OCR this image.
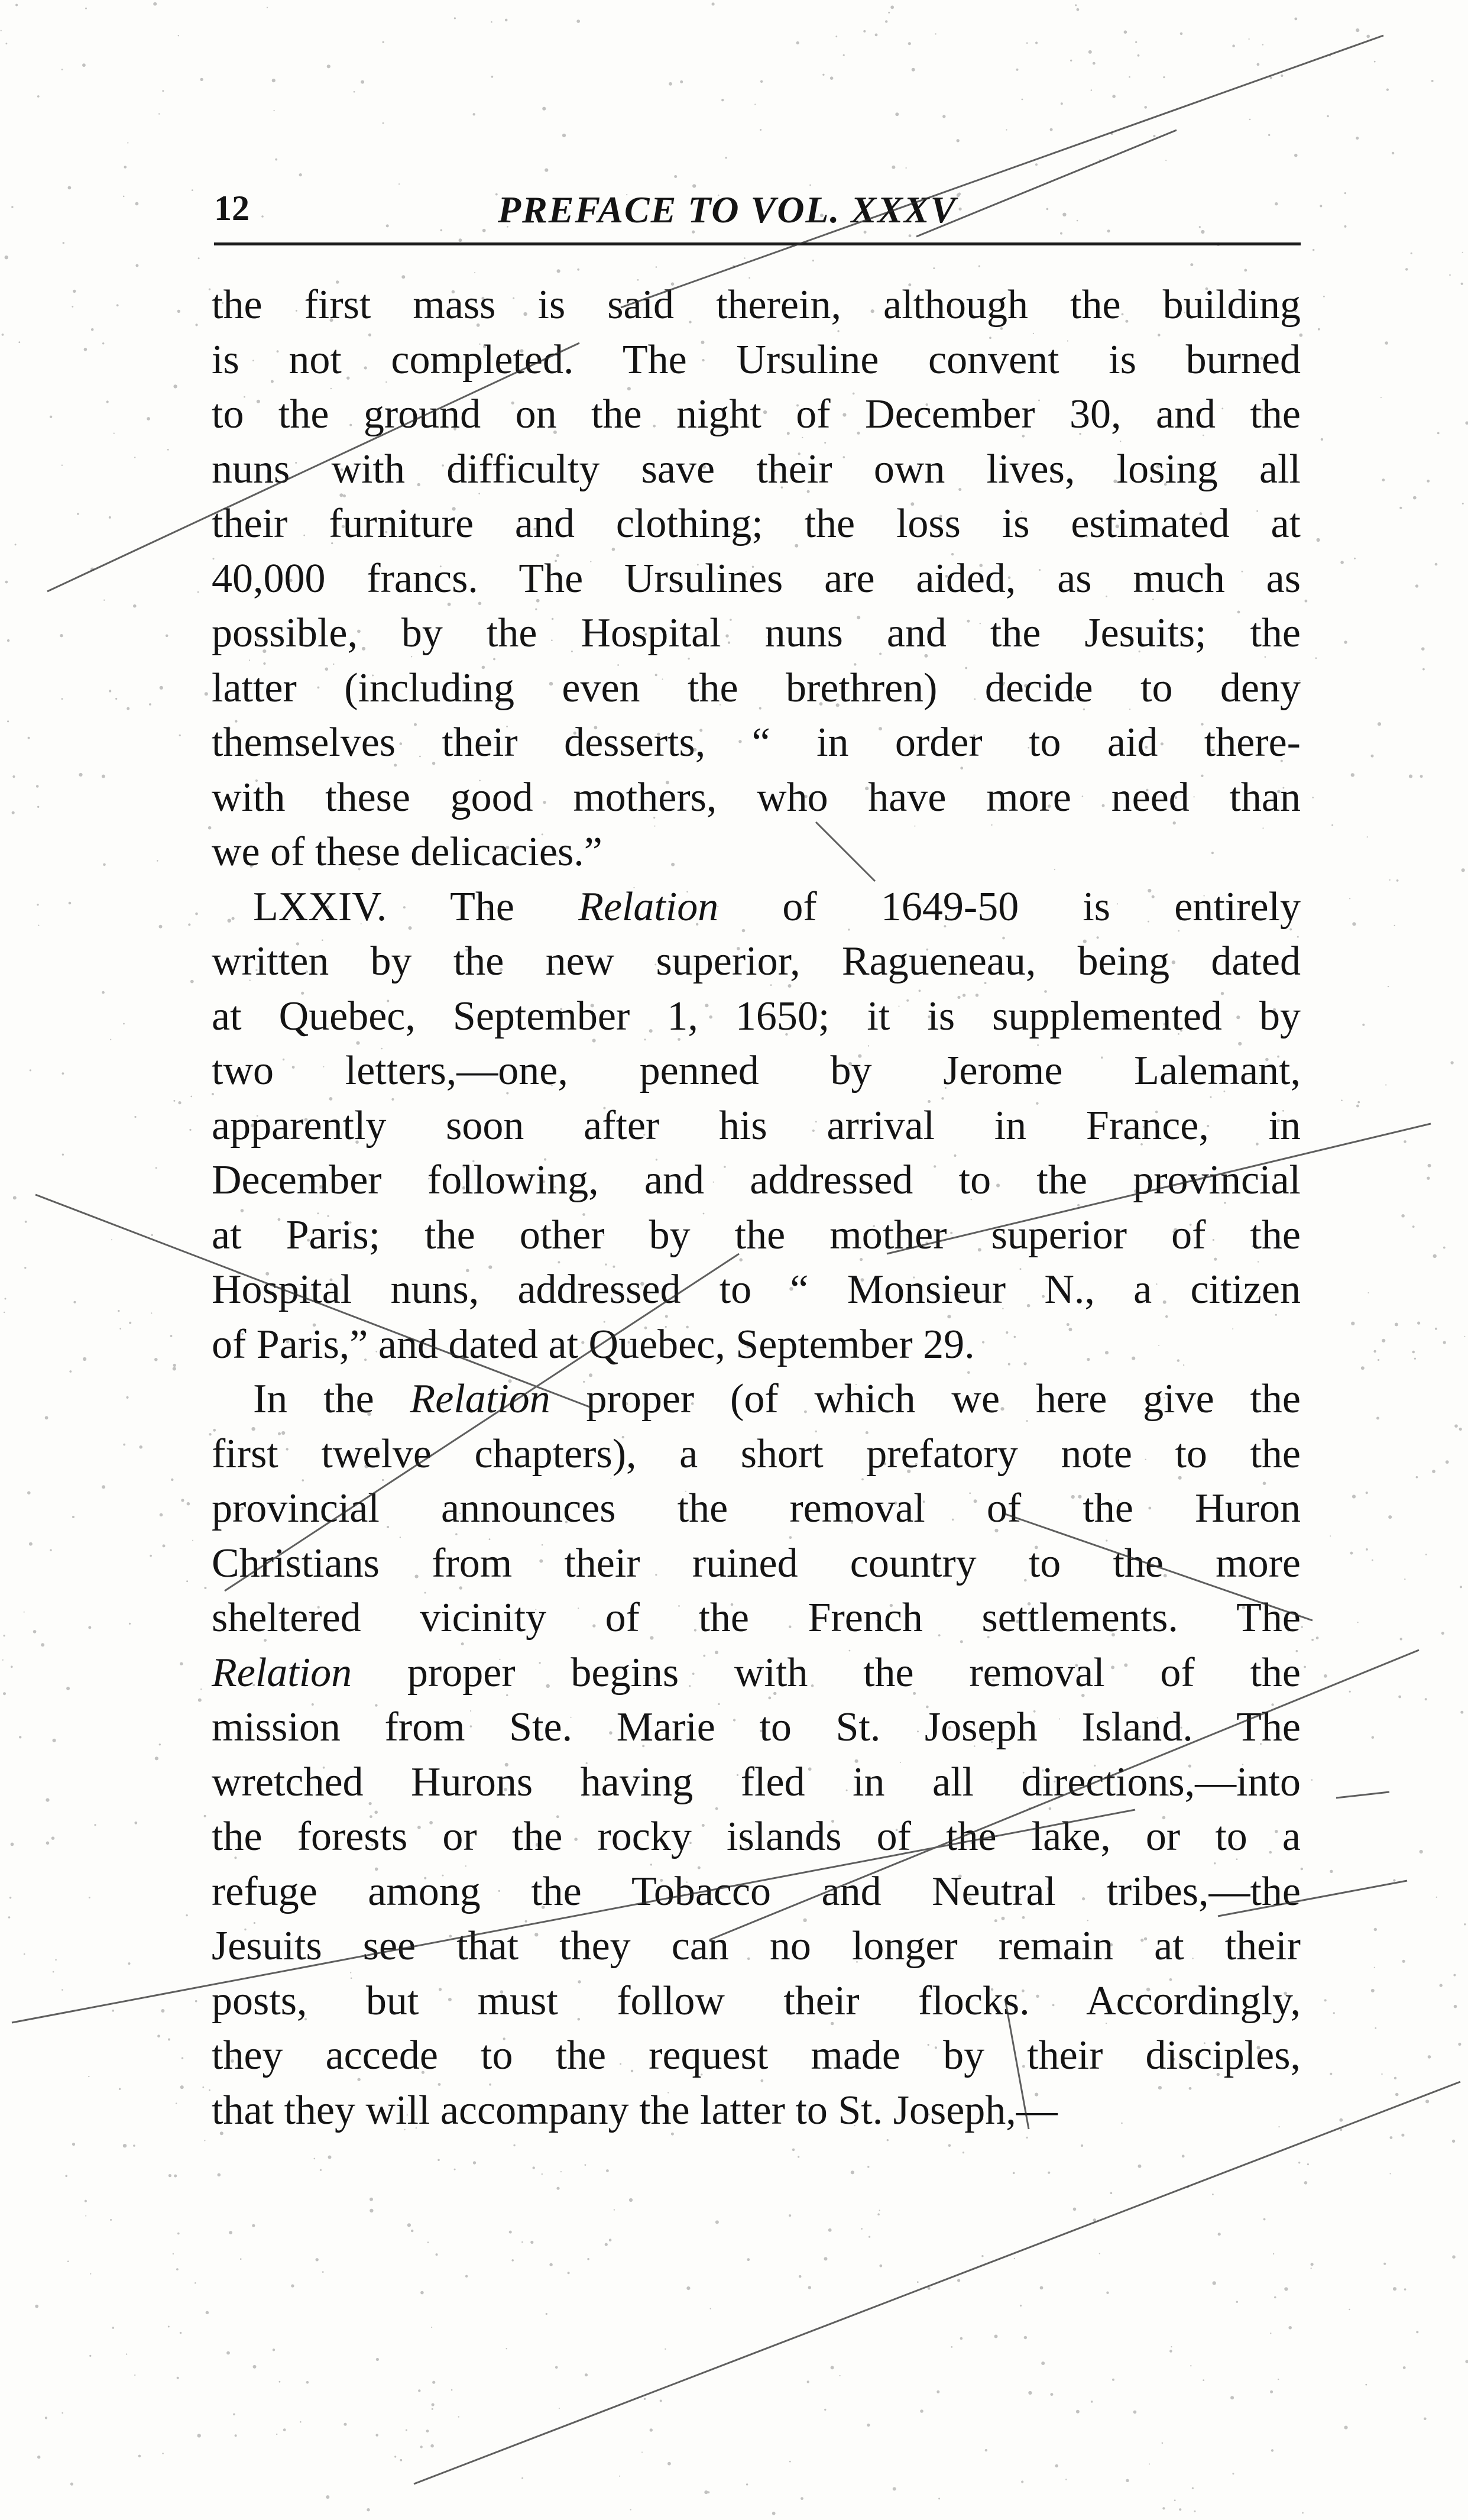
12	PREFACE TO VOL. XXXV
the first mass is said therein, although the building
is not completed. The Ursuline convent is burned
to the ground on the night of December 30, and the
nuns with difficulty save their own lives, losing all
their furniture and clothing; the loss is estimated at
40,000 francs. The Ursulines are aided, as much as
possible, by the Hospital nuns and the Jesuits; the
latter (including even the brethren) decide to deny
themselves their desserts, “ in order to aid there-
with these good mothers, who have more need than
we of these delicacies.”
LXXIV. The Relation of 1649-50 is entirely
written by the new superior, Ragueneau, being dated
at Quebec, September 1, 1650; it is supplemented by
two letters,—one, penned by Jerome Lalemant,
apparently soon after his arrival in France, in
December following, and addressed to the provincial
at Paris; the other by the mother superior of the
Hospital nuns, addressed to “ Monsieur N., a citizen
of Paris,” and dated at Quebec, September 29.
In the Relation proper (of which we here give the
first twelve chapters), a short prefatory note to the
provincial announces the removal of the Huron
Christians from their ruined country to the more
sheltered vicinity of the French settlements. The
Relation proper begins with the removal of the
mission from Ste. Marie to St. Joseph Island. The
wretched Hurons having fled in all directions,—into
the forests or the rocky islands of the lake, or to a
refuge among the Tobacco and Neutral tribes,—the
Jesuits see that they can no longer remain at their
posts, but must follow their flocks. Accordingly,
they accede to the request made by their disciples,
that they will accompany the latter to St. Joseph,—
